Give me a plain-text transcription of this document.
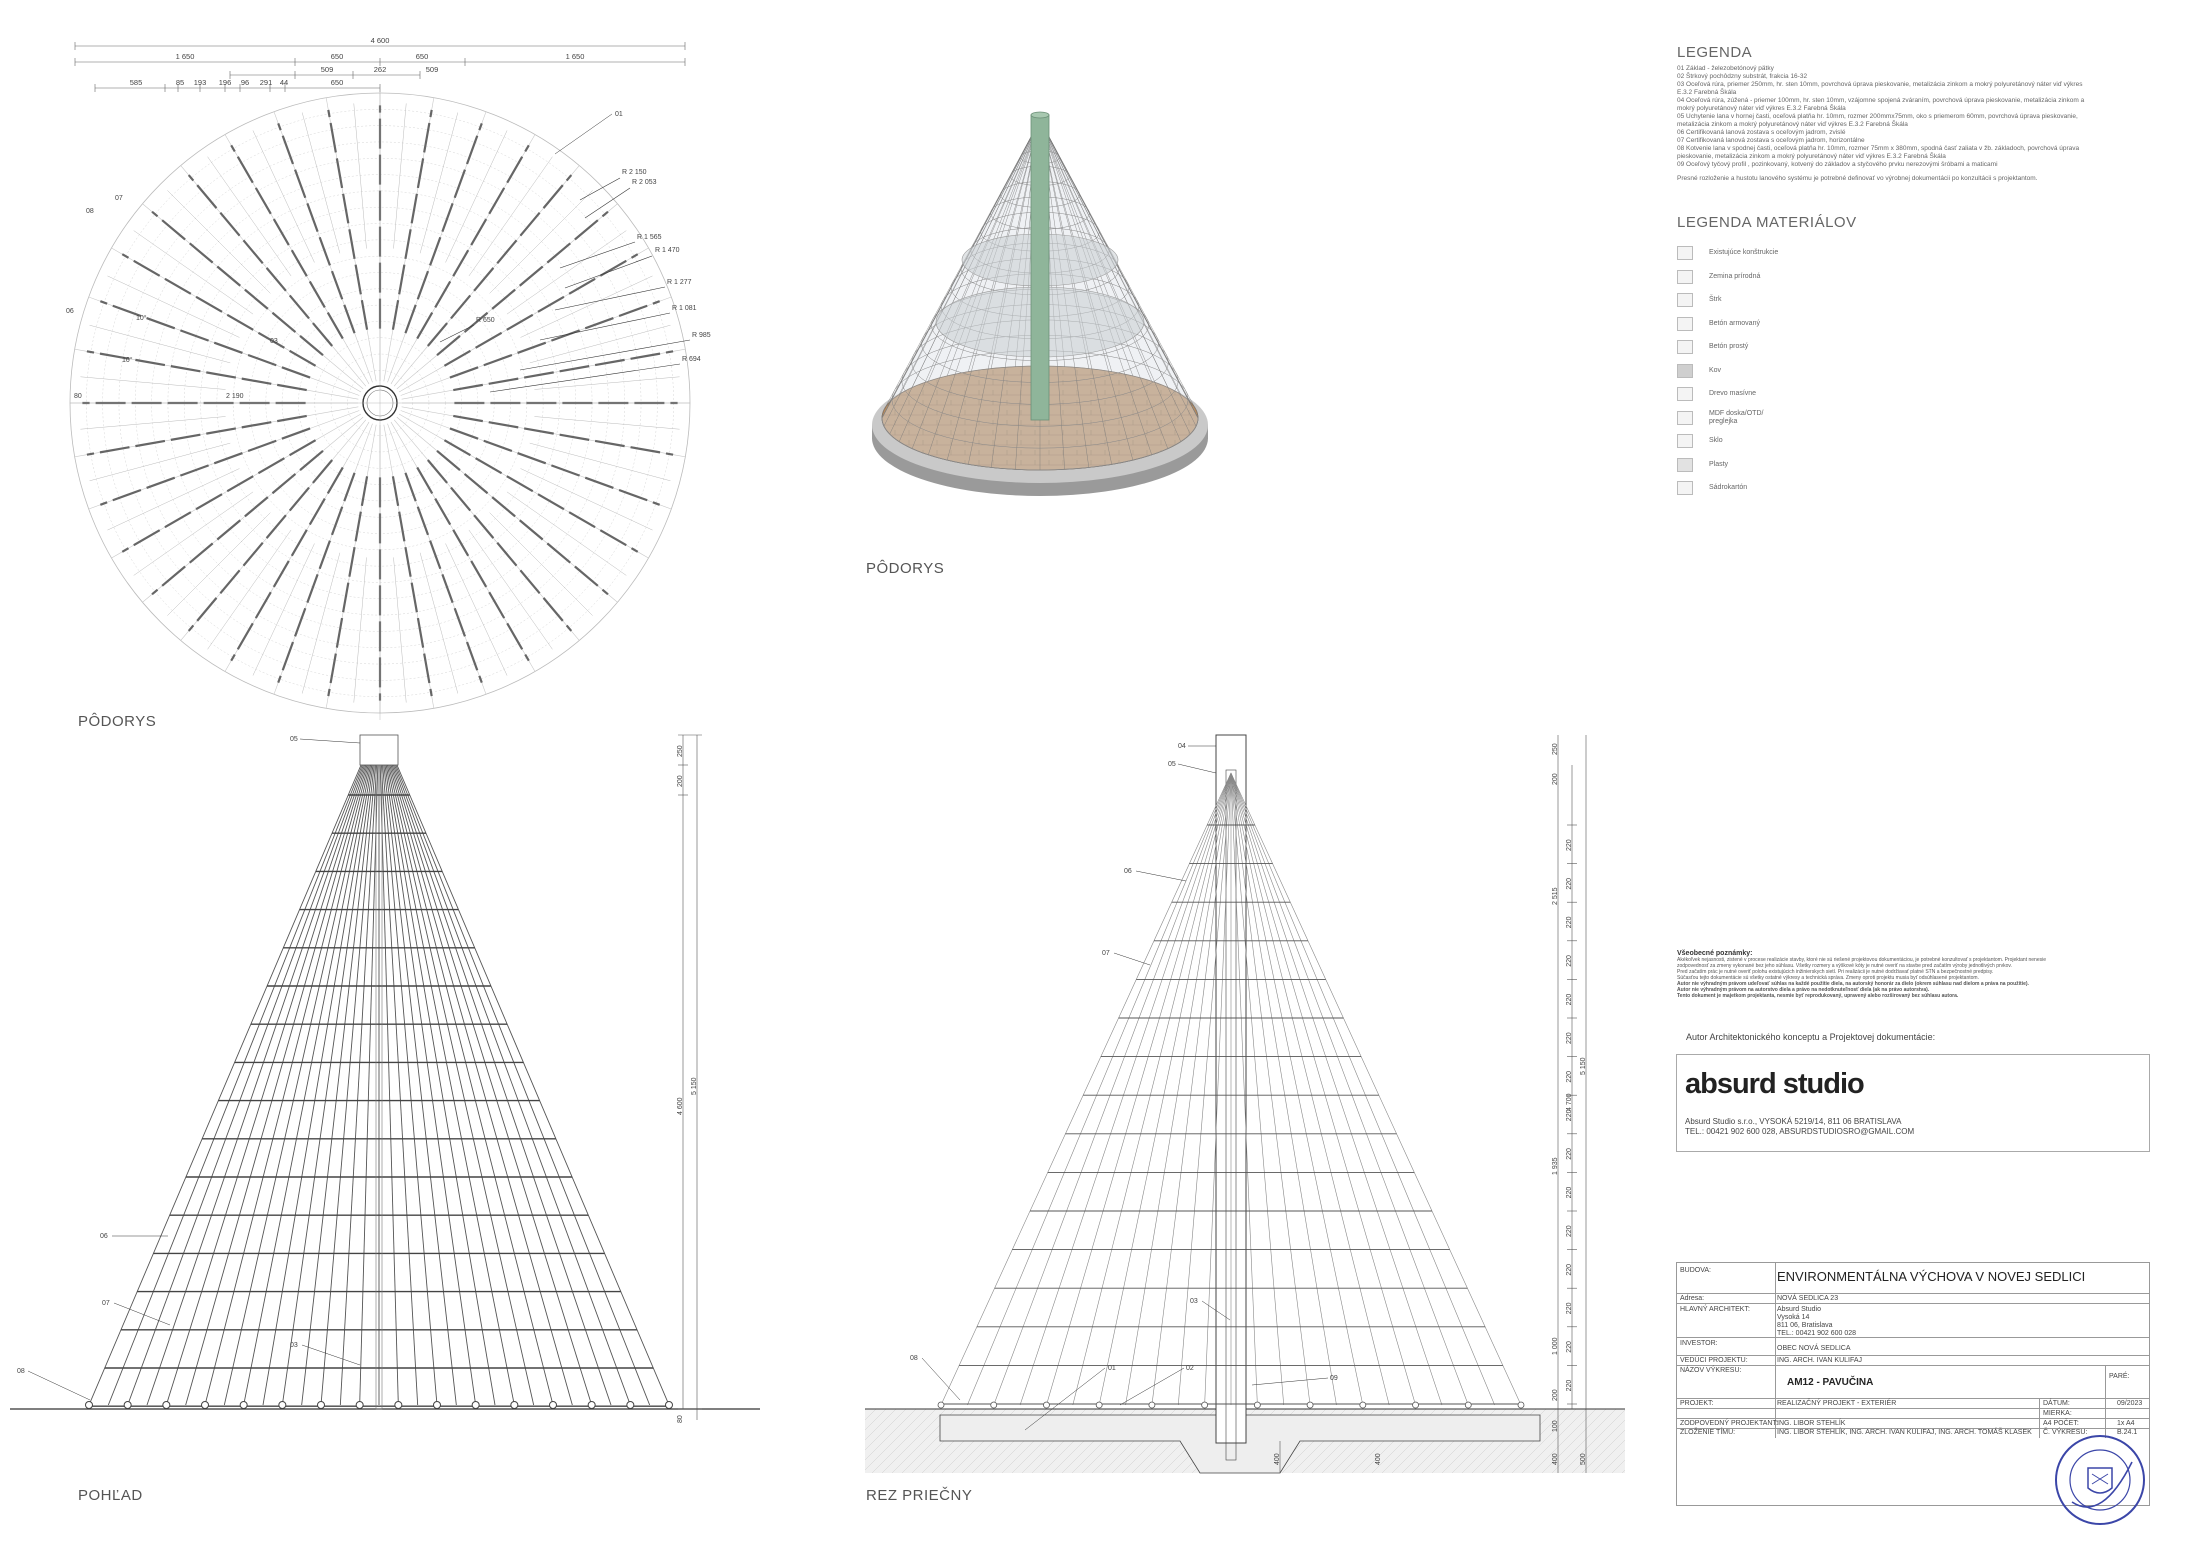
4 600
1 650	650	650	1 650
509	262	509
585	85 193 196 96 291 44	650
R 2 150
R 2 053
R 1 565
R 1 470
R 1 277
R 1 081
R 985
R 694
R 650
01
07
08
06
03
10°
10°
2 190
80
PÔDORYS
PÔDORYS
250
200
4 600
5 150
80
05
06
07
08
03
POHĽAD
250
200
2 515
1 935
1 000
200
4 700
5 150
100
400	500
400	400
220
220
220
220
220
220
220
220
220
220
220
220
220
220
220
04
05
06
07
03
08
01	02
09
REZ PRIEČNY
LEGENDA
01 Základ - železobetónový pätky
02 Štrkový pochôdzny substrát, frakcia 16-32
03 Oceľová rúra, priemer 250mm, hr. sten 10mm, povrchová úprava pieskovanie, metalizácia zinkom a mokrý polyuretánový náter viď výkres
E.3.2 Farebná Škála
04 Oceľová rúra, zúžená - priemer 100mm, hr. sten 10mm, vzájomne spojená zváraním, povrchová úprava pieskovanie, metalizácia zinkom a
mokrý polyuretánový náter viď výkres E.3.2 Farebná Škála
05 Uchytenie lana v hornej časti, oceľová platňa hr. 10mm, rozmer 200mmx75mm, oko s priemerom 60mm, povrchová úprava pieskovanie,
metalizácia zinkom a mokrý polyuretánový náter viď výkres E.3.2 Farebná Škála
06 Certifikovaná lanová zostava s oceľovým jadrom, zvislé
07 Certifikovaná lanová zostava s oceľovým jadrom, horizontálne
08 Kotvenie lana v spodnej časti, oceľová platňa hr. 10mm, rozmer 75mm x 380mm, spodná časť zaliata v žb. základoch, povrchová úprava
pieskovanie, metalizácia zinkom a mokrý polyuretánový náter viď výkres E.3.2 Farebná Škála
09 Oceľový tyčový profil , pozinkovaný, kotvený do základov a styčového prvku nerezovými šróbami a maticami
Presné rozloženie a hustotu lanového systému je potrebné definovať vo výrobnej dokumentácii po konzultácii s projektantom.
LEGENDA MATERIÁLOV
Existujúce konštrukcie
Zemina prírodná
Štrk
Betón armovaný
Betón prostý
Kov
Drevo masívne
MDF doska/OTD/
preglejka
Sklo
Plasty
Sádrokartón
Všeobecné poznámky:
Akékoľvek nejasnosti, zistené v procese realizácie stavby, ktoré nie sú riešené projektovou dokumentáciou, je potrebné konzultovať s projektantom. Projektant nenesie
zodpovednosť za zmeny vykonané bez jeho súhlasu. Všetky rozmery a výškové kóty je nutné overiť na stavbe pred začatím výroby jednotlivých prvkov.
Pred začatím prác je nutné overiť polohu existujúcich inžinierskych sietí. Pri realizácii je nutné dodržiavať platné STN a bezpečnostné predpisy.
Súčasťou tejto dokumentácie sú všetky ostatné výkresy a technická správa. Zmeny oproti projektu musia byť odsúhlasené projektantom.
Autor nie výhradným právom udeľovať súhlas na každé použitie diela, na autorský honorár za dielo (okrem súhlasu nad dielom a práva na použitie).
Autor nie výhradným právom na autorstvo diela a právo na nedotknuteľnosť diela (ak na právo autorstva).
Tento dokument je majetkom projektanta, nesmie byť reprodukovaný, upravený alebo rozširovaný bez súhlasu autora.
Autor Architektonického konceptu a Projektovej dokumentácie:
absurd studio
Absurd Studio s.r.o., VYSOKÁ 5219/14, 811 06 BRATISLAVA
TEL.: 00421 902 600 028, ABSURDSTUDIOSRO@GMAIL.COM
BUDOVA:	ENVIRONMENTÁLNA VÝCHOVA V NOVEJ SEDLICI
Adresa:	NOVÁ SEDLICA 23
HLAVNÝ ARCHITEKT:	Absurd Studio
Vysoká 14
811 06, Bratislava
TEL.: 00421 902 600 028
INVESTOR:
OBEC NOVÁ SEDLICA
VEDÚCI PROJEKTU:	ING. ARCH. IVAN KULIFAJ
NÁZOV VÝKRESU:
AM12 - PAVUČINA
PARÉ:
PROJEKT:	REALIZAČNÝ PROJEKT - EXTERIÉR	DÁTUM:	09/2023
MIERKA:
ZODPOVEDNÝ PROJEKTANT: ING. LIBOR STEHLÍK	A4 POČET:	1x A4
ZLOŽENIE TÍMU:	ING. LIBOR STEHLÍK, ING. ARCH. IVAN KULIFAJ, ING. ARCH. TOMÁŠ KLASEK Č. VÝKRESU:	B.24.1
